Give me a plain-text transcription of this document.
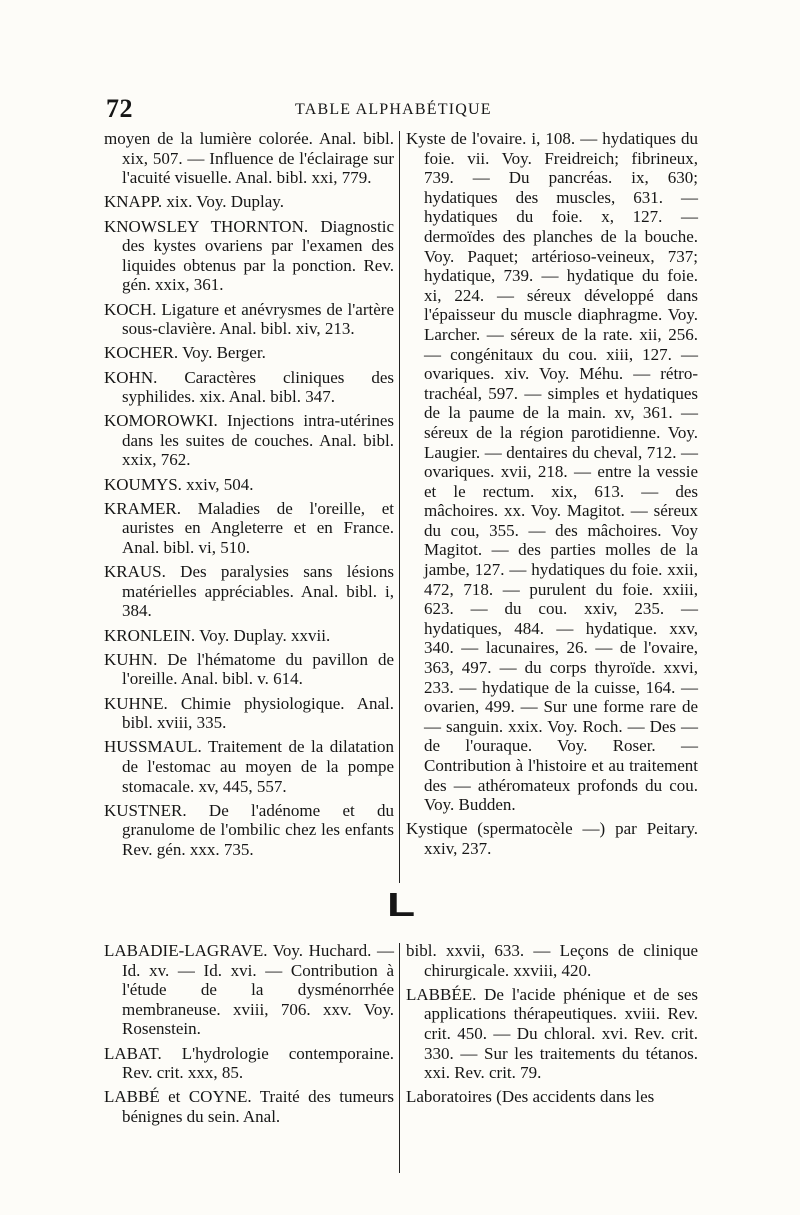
72	TABLE ALPHABÉTIQUE
L

moyen de la lumière colorée. Anal. bibl. xix, 507. — Influence de l'éclairage sur l'acuité visuelle. Anal. bibl. xxi, 779.

KNAPP. xix. Voy. Duplay.

KNOWSLEY THORNTON. Diagnostic des kystes ovariens par l'examen des liquides obtenus par la ponction. Rev. gén. xxix, 361.

KOCH. Ligature et anévrysmes de l'artère sous-clavière. Anal. bibl. xiv, 213.

KOCHER. Voy. Berger.

KOHN. Caractères cliniques des syphilides. xix. Anal. bibl. 347.

KOMOROWKI. Injections intra-utérines dans les suites de couches. Anal. bibl. xxix, 762.

KOUMYS. xxiv, 504.

KRAMER. Maladies de l'oreille, et auristes en Angleterre et en France. Anal. bibl. vi, 510.

KRAUS. Des paralysies sans lésions matérielles appréciables. Anal. bibl. i, 384.

KRONLEIN. Voy. Duplay. xxvii.

KUHN. De l'hématome du pavillon de l'oreille. Anal. bibl. v. 614.

KUHNE. Chimie physiologique. Anal. bibl. xviii, 335.

HUSSMAUL. Traitement de la dilatation de l'estomac au moyen de la pompe stomacale. xv, 445, 557.

KUSTNER. De l'adénome et du granulome de l'ombilic chez les enfants Rev. gén. xxx. 735.

Kyste de l'ovaire. i, 108. — hydatiques du foie. vii. Voy. Freidreich; fibrineux, 739. — Du pancréas. ix, 630; hydatiques des muscles, 631. — hydatiques du foie. x, 127. — dermoïdes des planches de la bouche. Voy. Paquet; artérioso-veineux, 737; hydatique, 739. — hydatique du foie. xi, 224. — séreux développé dans l'épaisseur du muscle diaphragme. Voy. Larcher. — séreux de la rate. xii, 256. — congénitaux du cou. xiii, 127. — ovariques. xiv. Voy. Méhu. — rétro-trachéal, 597. — simples et hydatiques de la paume de la main. xv, 361. — séreux de la région parotidienne. Voy. Laugier. — dentaires du cheval, 712. — ovariques. xvii, 218. — entre la vessie et le rectum. xix, 613. — des mâchoires. xx. Voy. Magitot. — séreux du cou, 355. — des mâchoires. Voy Magitot. — des parties molles de la jambe, 127. — hydatiques du foie. xxii, 472, 718. — purulent du foie. xxiii, 623. — du cou. xxiv, 235. — hydatiques, 484. — hydatique. xxv, 340. — lacunaires, 26. — de l'ovaire, 363, 497. — du corps thyroïde. xxvi, 233. — hydatique de la cuisse, 164. — ovarien, 499. — Sur une forme rare de — sanguin. xxix. Voy. Roch. — Des — de l'ouraque. Voy. Roser. — Contribution à l'histoire et au traitement des — athéromateux profonds du cou. Voy. Budden.

Kystique (spermatocèle —) par Peitary. xxiv, 237.

LABADIE-LAGRAVE. Voy. Huchard. — Id. xv. — Id. xvi. — Contribution à l'étude de la dysménorrhée membraneuse. xviii, 706. xxv. Voy. Rosenstein.

LABAT. L'hydrologie contemporaine. Rev. crit. xxx, 85.

LABBÉ et COYNE. Traité des tumeurs bénignes du sein. Anal.

bibl. xxvii, 633. — Leçons de clinique chirurgicale. xxviii, 420.

LABBÉE. De l'acide phénique et de ses applications thérapeutiques. xviii. Rev. crit. 450. — Du chloral. xvi. Rev. crit. 330. — Sur les traitements du tétanos. xxi. Rev. crit. 79.

Laboratoires (Des accidents dans les
